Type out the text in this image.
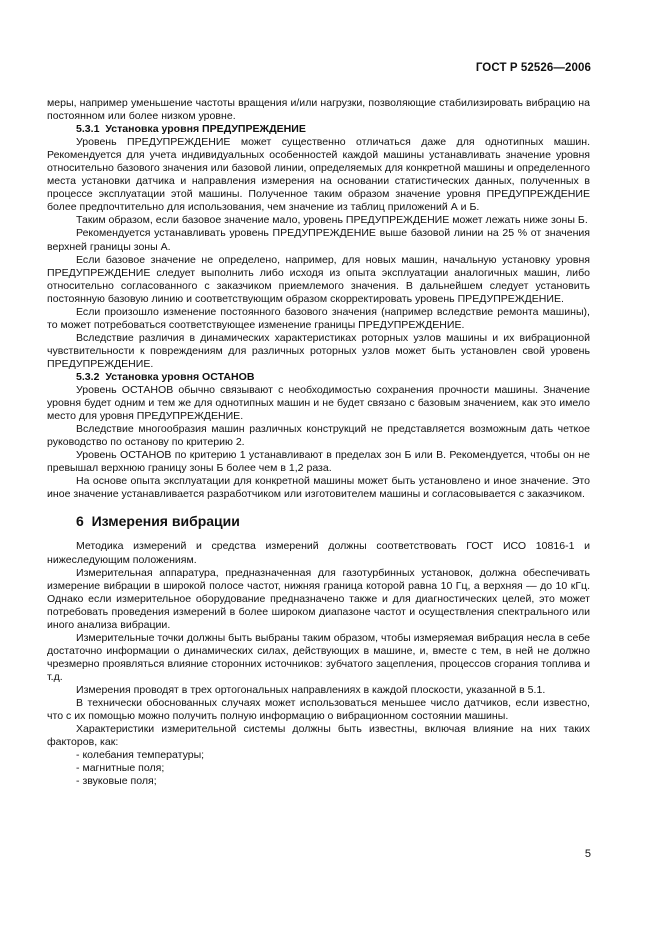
ГОСТ Р 52526—2006

меры, например уменьшение частоты вращения и/или нагрузки, позволяющие стабилизировать вибрацию на постоянном или более низком уровне.

5.3.1 Установка уровня ПРЕДУПРЕЖДЕНИЕ

Уровень ПРЕДУПРЕЖДЕНИЕ может существенно отличаться даже для однотипных машин. Рекомендуется для учета индивидуальных особенностей каждой машины устанавливать значение уровня относительно базового значения или базовой линии, определяемых для конкретной машины и определенного места установки датчика и направления измерения на основании статистических данных, полученных в процессе эксплуатации этой машины. Полученное таким образом значение уровня ПРЕДУПРЕЖДЕНИЕ более предпочтительно для использования, чем значение из таблиц приложений А и Б.

Таким образом, если базовое значение мало, уровень ПРЕДУПРЕЖДЕНИЕ может лежать ниже зоны Б.

Рекомендуется устанавливать уровень ПРЕДУПРЕЖДЕНИЕ выше базовой линии на 25 % от значения верхней границы зоны А.

Если базовое значение не определено, например, для новых машин, начальную установку уровня ПРЕДУПРЕЖДЕНИЕ следует выполнить либо исходя из опыта эксплуатации аналогичных машин, либо относительно согласованного с заказчиком приемлемого значения. В дальнейшем следует установить постоянную базовую линию и соответствующим образом скорректировать уровень ПРЕДУПРЕЖДЕНИЕ.

Если произошло изменение постоянного базового значения (например вследствие ремонта машины), то может потребоваться соответствующее изменение границы ПРЕДУПРЕЖДЕНИЕ.

Вследствие различия в динамических характеристиках роторных узлов машины и их вибрационной чувствительности к повреждениям для различных роторных узлов может быть установлен свой уровень ПРЕДУПРЕЖДЕНИЕ.

5.3.2 Установка уровня ОСТАНОВ

Уровень ОСТАНОВ обычно связывают с необходимостью сохранения прочности машины. Значение уровня будет одним и тем же для однотипных машин и не будет связано с базовым значением, как это имело место для уровня ПРЕДУПРЕЖДЕНИЕ.

Вследствие многообразия машин различных конструкций не представляется возможным дать четкое руководство по останову по критерию 2.

Уровень ОСТАНОВ по критерию 1 устанавливают в пределах зон Б или В. Рекомендуется, чтобы он не превышал верхнюю границу зоны Б более чем в 1,2 раза.

На основе опыта эксплуатации для конкретной машины может быть установлено и иное значение. Это иное значение устанавливается разработчиком или изготовителем машины и согласовывается с заказчиком.

6 Измерения вибрации

Методика измерений и средства измерений должны соответствовать ГОСТ ИСО 10816-1 и нижеследующим положениям.

Измерительная аппаратура, предназначенная для газотурбинных установок, должна обеспечивать измерение вибрации в широкой полосе частот, нижняя граница которой равна 10 Гц, а верхняя — до 10 кГц. Однако если измерительное оборудование предназначено также и для диагностических целей, это может потребовать проведения измерений в более широком диапазоне частот и осуществления спектрального или иного анализа вибрации.

Измерительные точки должны быть выбраны таким образом, чтобы измеряемая вибрация несла в себе достаточно информации о динамических силах, действующих в машине, и, вместе с тем, в ней не должно чрезмерно проявляться влияние сторонних источников: зубчатого зацепления, процессов сгорания топлива и т.д.

Измерения проводят в трех ортогональных направлениях в каждой плоскости, указанной в 5.1.

В технически обоснованных случаях может использоваться меньшее число датчиков, если известно, что с их помощью можно получить полную информацию о вибрационном состоянии машины.

Характеристики измерительной системы должны быть известны, включая влияние на них таких факторов, как:

- колебания температуры;

- магнитные поля;

- звуковые поля;

5
